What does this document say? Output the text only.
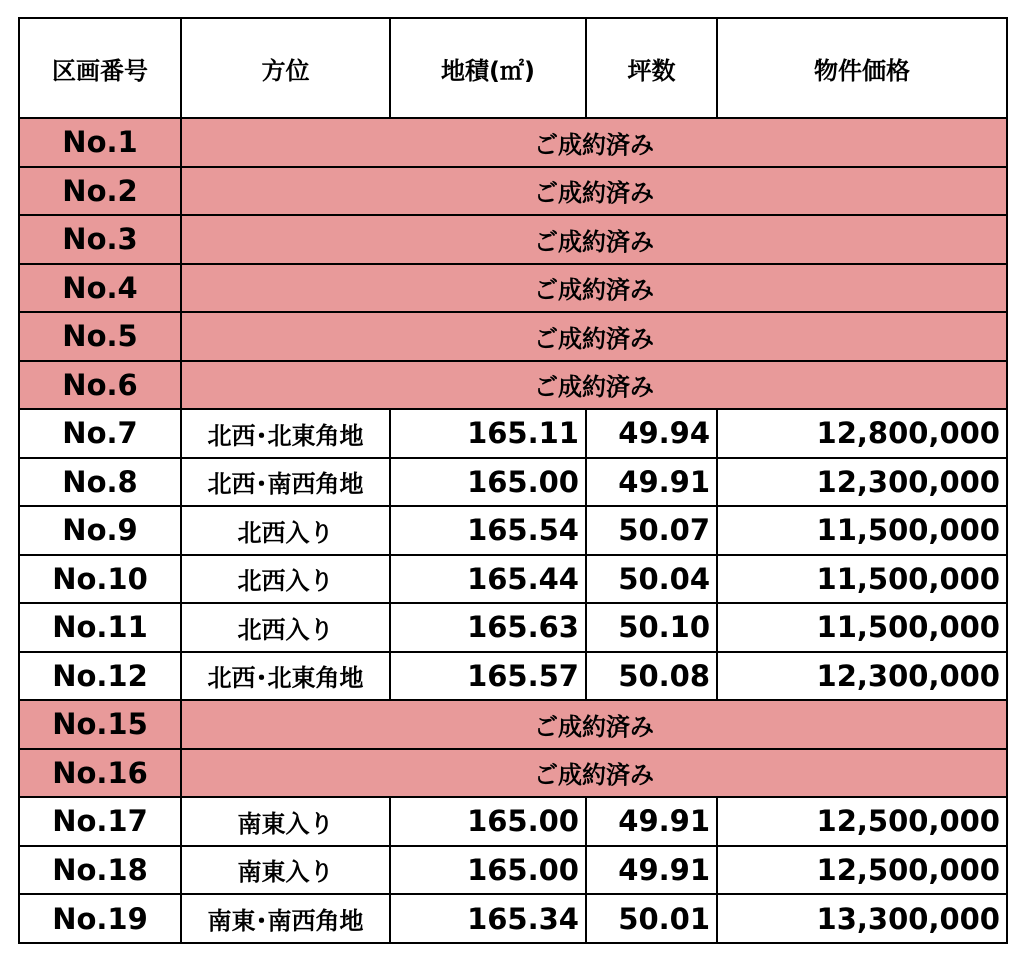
区画番号	方位	地積(㎡)	坪数	物件価格
No.1	ご成約済み			
No.2	ご成約済み			
No.3	ご成約済み			
No.4	ご成約済み			
No.5	ご成約済み			
No.6	ご成約済み			
No.7	北西･北東角地	165.11	49.94	12,800,000
No.8	北西･南西角地	165.00	49.91	12,300,000
No.9	北西入り	165.54	50.07	11,500,000
No.10	北西入り	165.44	50.04	11,500,000
No.11	北西入り	165.63	50.10	11,500,000
No.12	北西･北東角地	165.57	50.08	12,300,000
No.15	ご成約済み			
No.16	ご成約済み			
No.17	南東入り	165.00	49.91	12,500,000
No.18	南東入り	165.00	49.91	12,500,000
No.19	南東･南西角地	165.34	50.01	13,300,000
